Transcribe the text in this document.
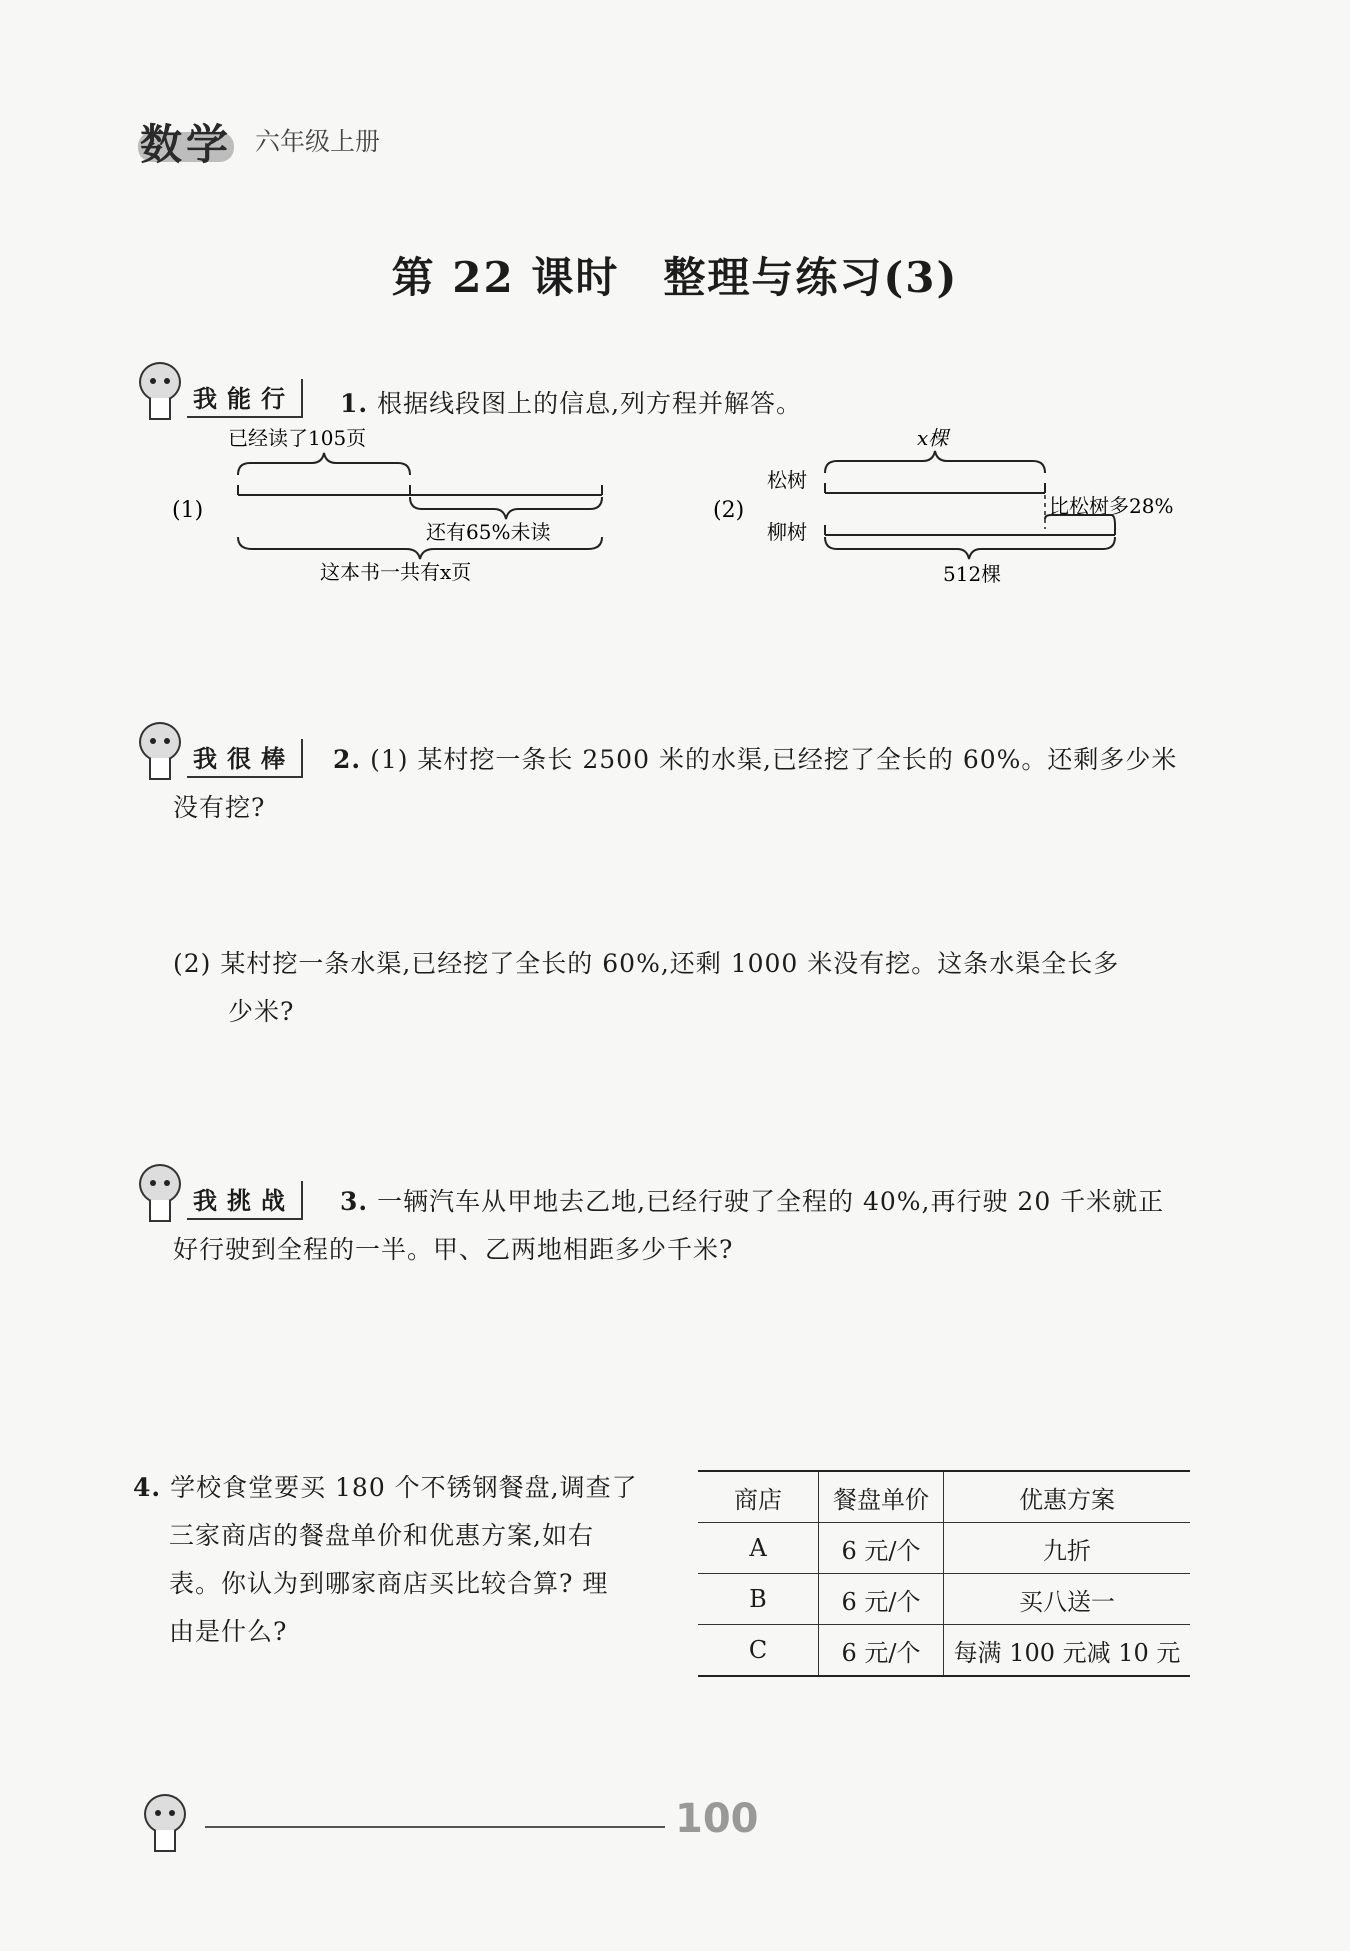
数学 六年级上册
第 22 课时　整理与练习(3)
我能行	1. 根据线段图上的信息,列方程并解答。
(1)
已经读了105页
还有65%未读
这本书一共有x页
(2)
x棵
松树
比松树多28%
柳树
512棵
我很棒	2. (1) 某村挖一条长 2500 米的水渠,已经挖了全长的 60%。还剩多少米
没有挖?
(2) 某村挖一条水渠,已经挖了全长的 60%,还剩 1000 米没有挖。这条水渠全长多
少米?
我挑战	3. 一辆汽车从甲地去乙地,已经行驶了全程的 40%,再行驶 20 千米就正
好行驶到全程的一半。甲、乙两地相距多少千米?
4. 学校食堂要买 180 个不锈钢餐盘,调查了
三家商店的餐盘单价和优惠方案,如右
表。你认为到哪家商店买比较合算? 理
由是什么?
商店	餐盘单价	优惠方案
A	6 元/个	九折
B	6 元/个	买八送一
C	6 元/个	每满 100 元减 10 元
100
